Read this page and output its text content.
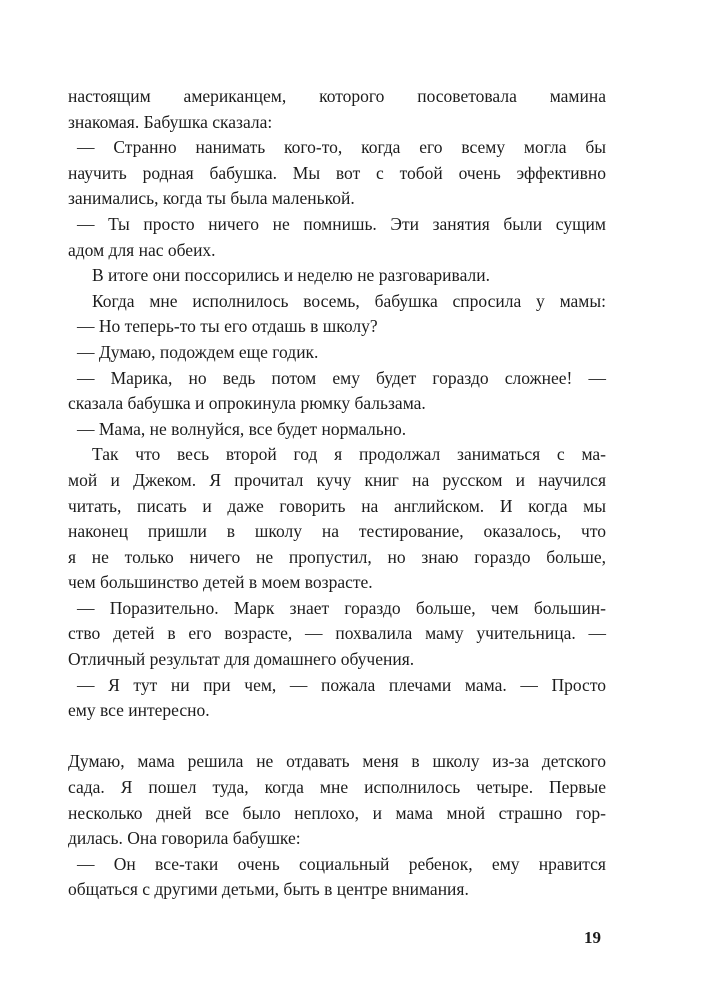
настоящим американцем, которого посоветовала мамина
знакомая. Бабушка сказала:
— Странно нанимать кого-то, когда его всему могла бы
научить родная бабушка. Мы вот с тобой очень эффективно
занимались, когда ты была маленькой.
— Ты просто ничего не помнишь. Эти занятия были сущим
адом для нас обеих.
В итоге они поссорились и неделю не разговаривали.
Когда мне исполнилось восемь, бабушка спросила у мамы:
— Но теперь-то ты его отдашь в школу?
— Думаю, подождем еще годик.
— Марика, но ведь потом ему будет гораздо сложнее! —
сказала бабушка и опрокинула рюмку бальзама.
— Мама, не волнуйся, все будет нормально.
Так что весь второй год я продолжал заниматься с ма-
мой и Джеком. Я прочитал кучу книг на русском и научился
читать, писать и даже говорить на английском. И когда мы
наконец пришли в школу на тестирование, оказалось, что
я не только ничего не пропустил, но знаю гораздо больше,
чем большинство детей в моем возрасте.
— Поразительно. Марк знает гораздо больше, чем большин-
ство детей в его возрасте, — похвалила маму учительница. —
Отличный результат для домашнего обучения.
— Я тут ни при чем, — пожала плечами мама. — Просто
ему все интересно.
Думаю, мама решила не отдавать меня в школу из-за детского
сада. Я пошел туда, когда мне исполнилось четыре. Первые
несколько дней все было неплохо, и мама мной страшно гор-
дилась. Она говорила бабушке:
— Он все-таки очень социальный ребенок, ему нравится
общаться с другими детьми, быть в центре внимания.
19
